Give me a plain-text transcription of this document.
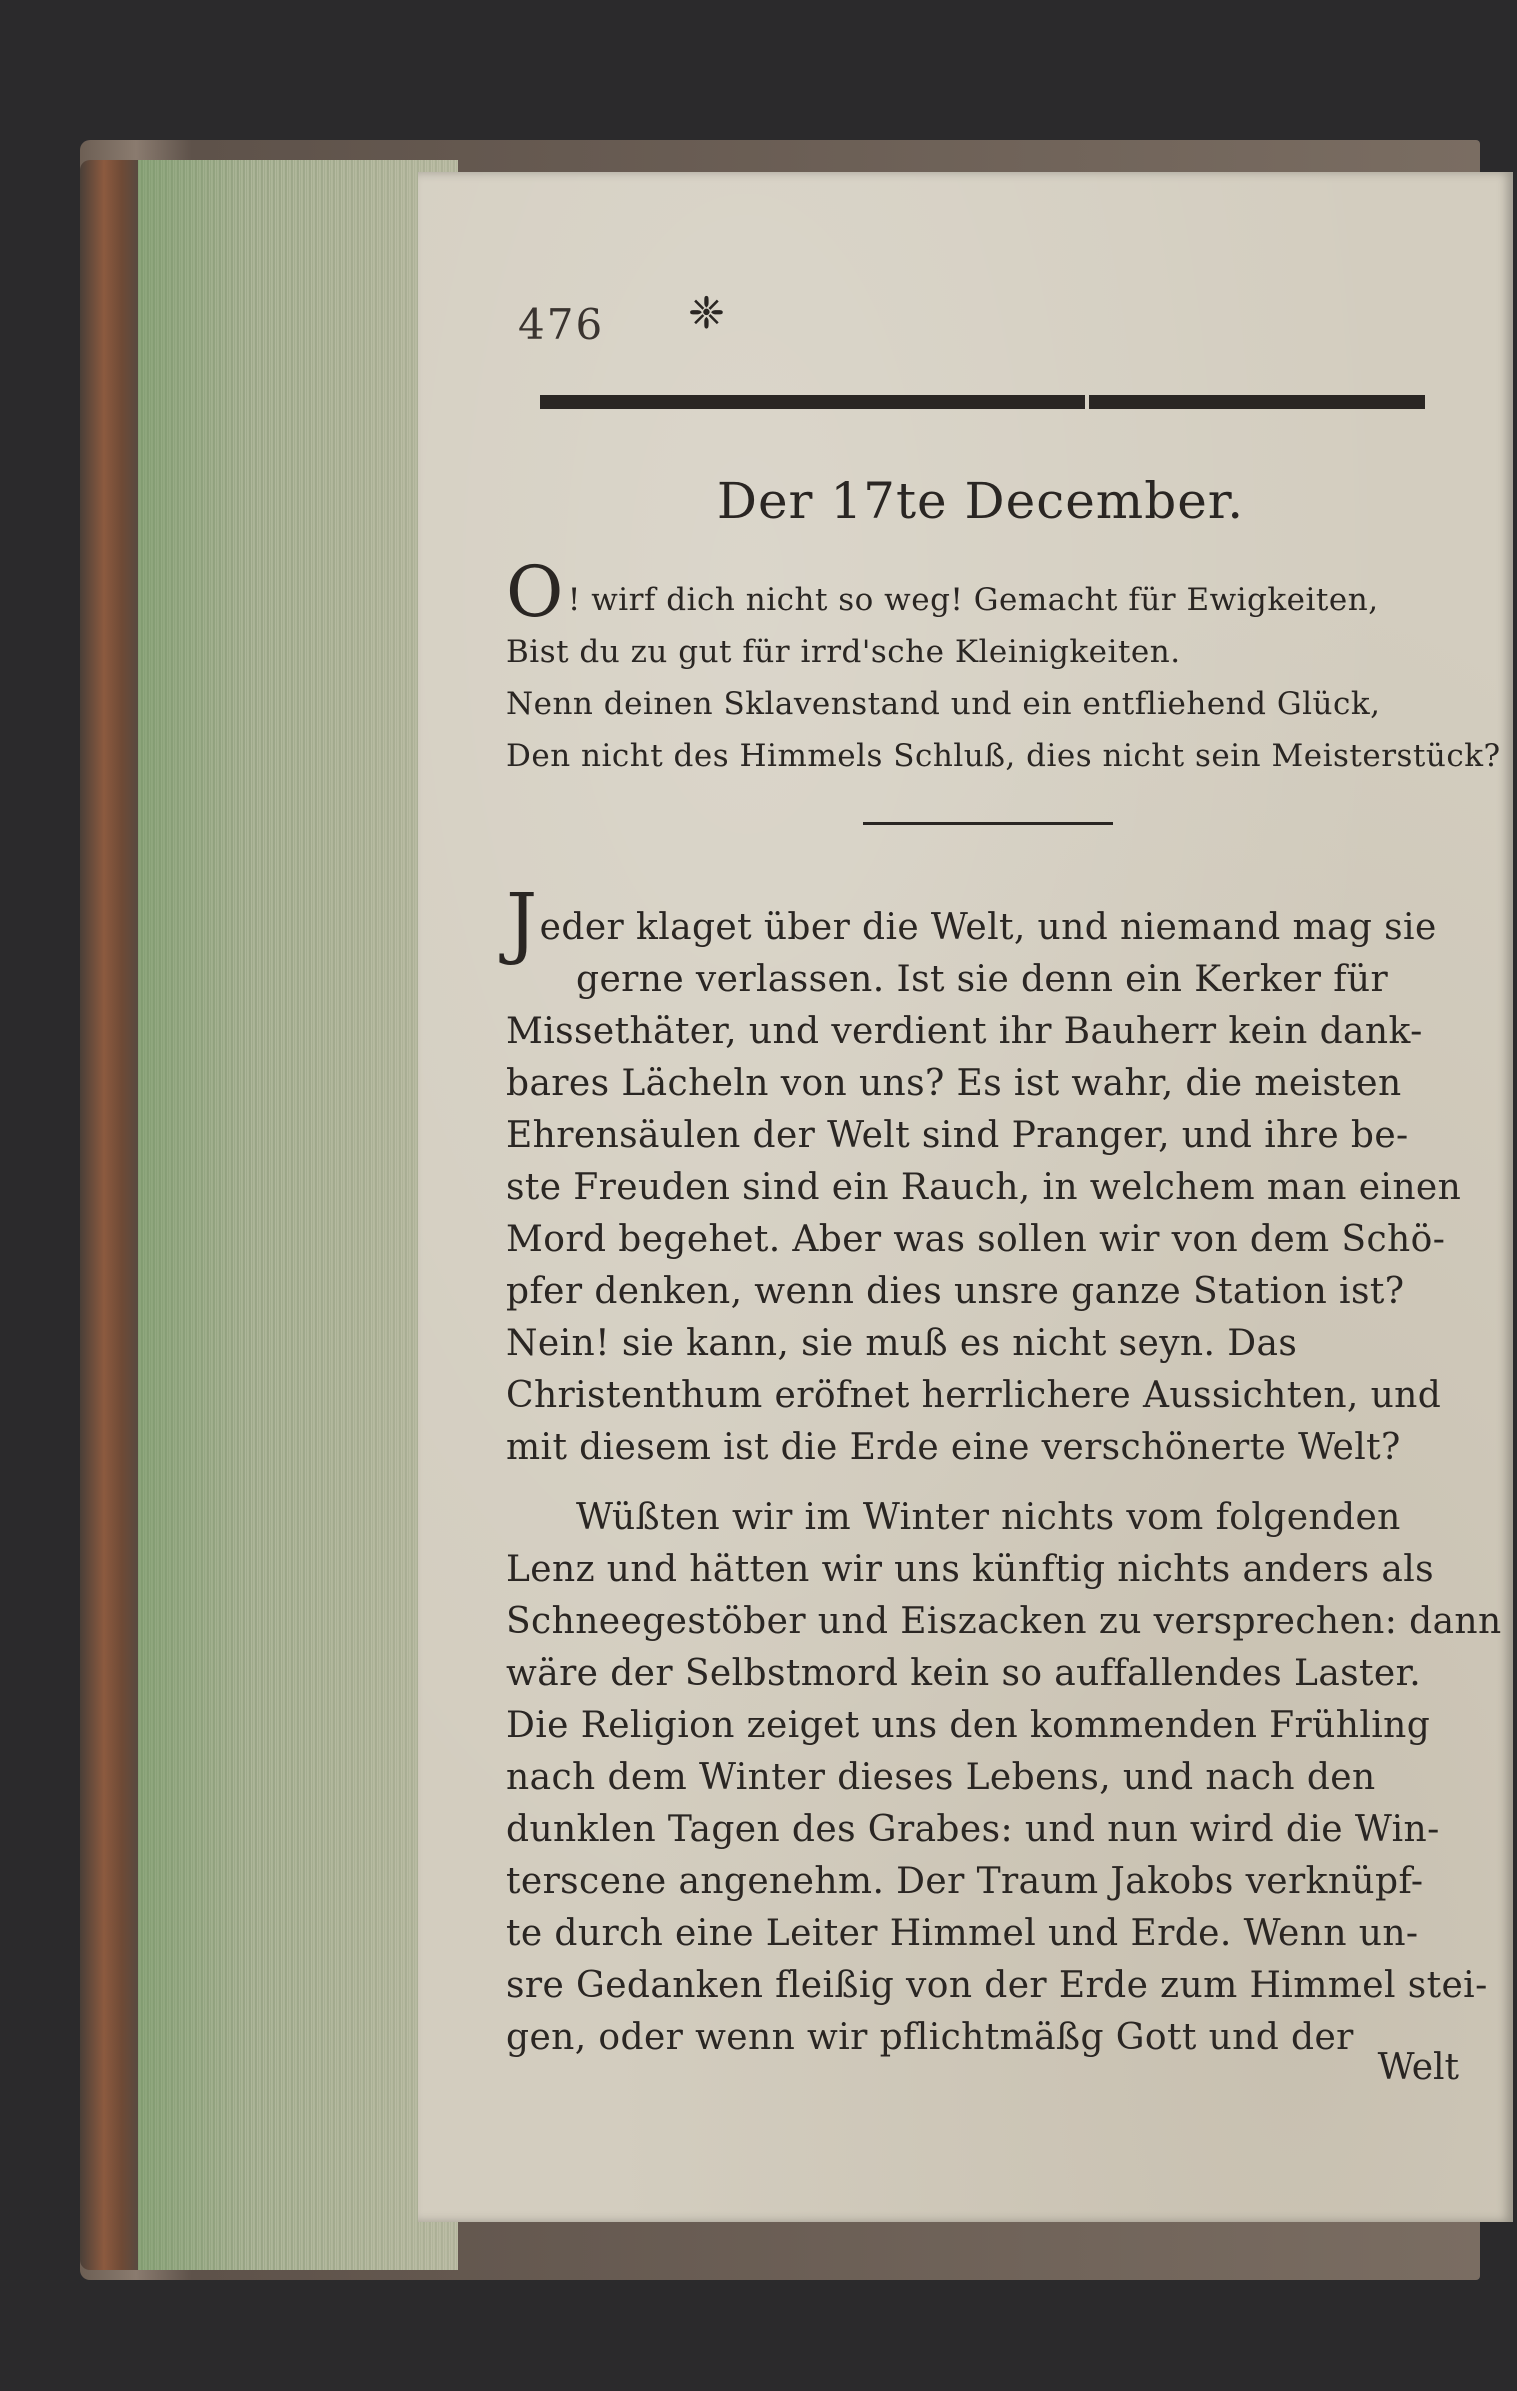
476 ❈
Der 17te December.
O ! wirf dich nicht so weg! Gemacht für Ewigkeiten,
Bist du zu gut für irrd'sche Kleinigkeiten.
Nenn deinen Sklavenstand und ein entfliehend Glück,
Den nicht des Himmels Schluß, dies nicht sein Meisterstück?
Jeder klaget über die Welt, und niemand mag sie
gerne verlassen. Ist sie denn ein Kerker für
Missethäter, und verdient ihr Bauherr kein dank-
bares Lächeln von uns? Es ist wahr, die meisten
Ehrensäulen der Welt sind Pranger, und ihre be-
ste Freuden sind ein Rauch, in welchem man einen
Mord begehet. Aber was sollen wir von dem Schö-
pfer denken, wenn dies unsre ganze Station ist?
Nein! sie kann, sie muß es nicht seyn. Das
Christenthum eröfnet herrlichere Aussichten, und
mit diesem ist die Erde eine verschönerte Welt?
Wüßten wir im Winter nichts vom folgenden
Lenz und hätten wir uns künftig nichts anders als
Schneegestöber und Eiszacken zu versprechen: dann
wäre der Selbstmord kein so auffallendes Laster.
Die Religion zeiget uns den kommenden Frühling
nach dem Winter dieses Lebens, und nach den
dunklen Tagen des Grabes: und nun wird die Win-
terscene angenehm. Der Traum Jakobs verknüpf-
te durch eine Leiter Himmel und Erde. Wenn un-
sre Gedanken fleißig von der Erde zum Himmel stei-
gen, oder wenn wir pflichtmäßg Gott und der
Welt
